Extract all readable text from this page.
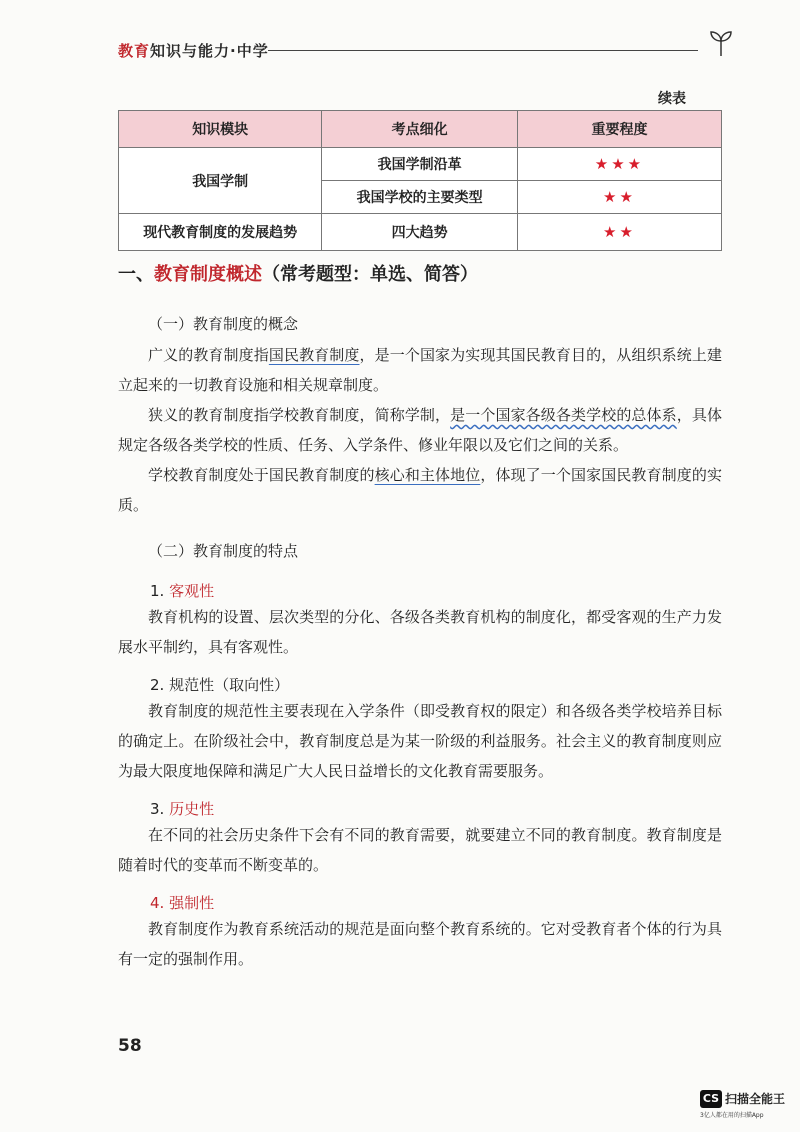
教育知识与能力·中学
续表
知识模块	考点细化	重要程度
我国学制	我国学制沿革	★★★
	我国学校的主要类型	★★
现代教育制度的发展趋势	四大趋势	★★
一、教育制度概述（常考题型：单选、简答）
（一）教育制度的概念

广义的教育制度指国民教育制度，是一个国家为实现其国民教育目的，从组织系统上建立起来的一切教育设施和相关规章制度。

狭义的教育制度指学校教育制度，简称学制，是一个国家各级各类学校的总体系，具体规定各级各类学校的性质、任务、入学条件、修业年限以及它们之间的关系。

学校教育制度处于国民教育制度的核心和主体地位，体现了一个国家国民教育制度的实质。

（二）教育制度的特点
1. 客观性

教育机构的设置、层次类型的分化、各级各类教育机构的制度化，都受客观的生产力发展水平制约，具有客观性。

2. 规范性（取向性）

教育制度的规范性主要表现在入学条件（即受教育权的限定）和各级各类学校培养目标的确定上。在阶级社会中，教育制度总是为某一阶级的利益服务。社会主义的教育制度则应为最大限度地保障和满足广大人民日益增长的文化教育需要服务。

3. 历史性

在不同的社会历史条件下会有不同的教育需要，就要建立不同的教育制度。教育制度是随着时代的变革而不断变革的。

4. 强制性

教育制度作为教育系统活动的规范是面向整个教育系统的。它对受教育者个体的行为具有一定的强制作用。

58
CS 扫描全能王
3亿人都在用的扫描App
